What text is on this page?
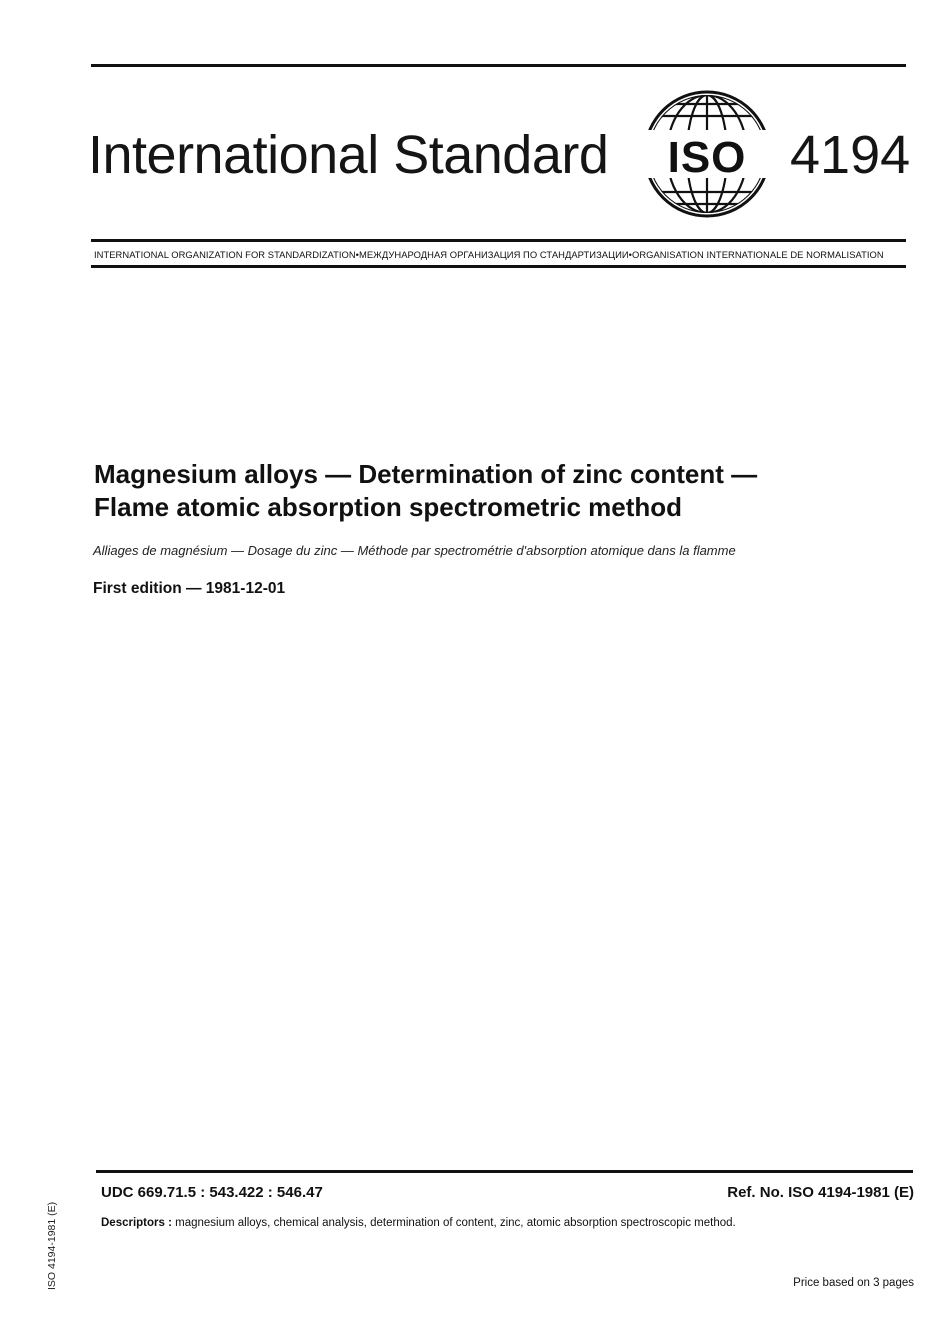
International Standard ISO 4194
INTERNATIONAL ORGANIZATION FOR STANDARDIZATION•МЕЖДУНАРОДНАЯ ОРГАНИЗАЦИЯ ПО СТАНДАРТИЗАЦИИ•ORGANISATION INTERNATIONALE DE NORMALISATION
Magnesium alloys — Determination of zinc content —
Flame atomic absorption spectrometric method
Alliages de magnésium — Dosage du zinc — Méthode par spectrométrie d'absorption atomique dans la flamme
First edition — 1981-12-01
UDC 669.71.5 : 543.422 : 546.47	Ref. No. ISO 4194-1981 (E)
Descriptors : magnesium alloys, chemical analysis, determination of content, zinc, atomic absorption spectroscopic method.
Price based on 3 pages
ISO 4194-1981 (E)
